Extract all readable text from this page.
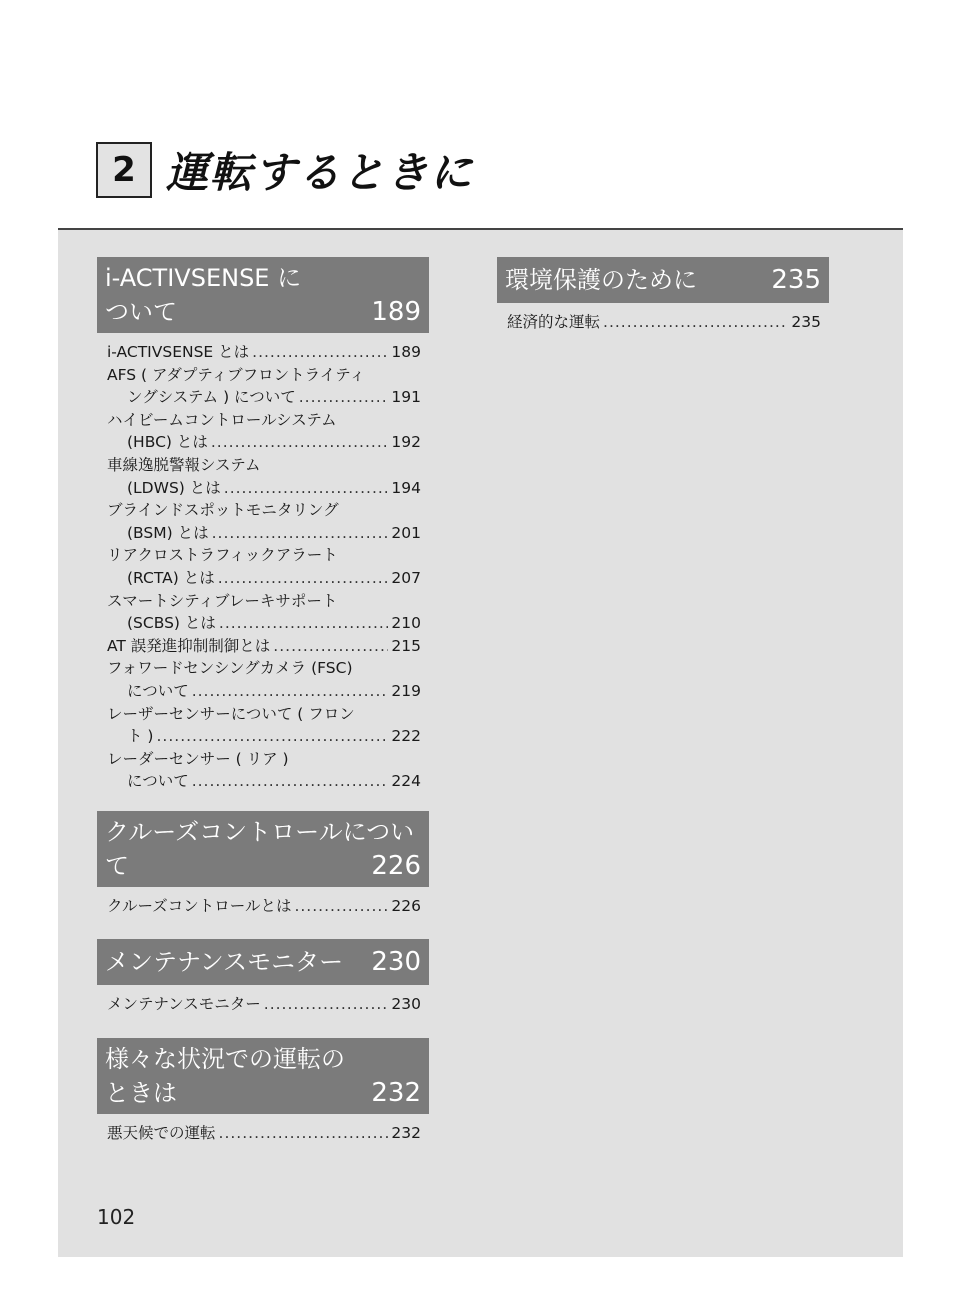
2 運転するときに
i-ACTIVSENSE に
ついて	189
i-ACTIVSENSE とは .....	189
AFS ( アダプティブフロントライティ
ングシステム ) について .....	191
ハイビームコントロールシステム
(HBC) とは .....	192
車線逸脱警報システム
(LDWS) とは .....	194
ブラインドスポットモニタリング
(BSM) とは .....	201
リアクロストラフィックアラート
(RCTA) とは .....	207
スマートシティブレーキサポート
(SCBS) とは .....	210
AT 誤発進抑制制御とは .....	215
フォワードセンシングカメラ (FSC)
について .....	219
レーザーセンサーについて ( フロン
ト ) .....	222
レーダーセンサー ( リア )
について .....	224
クルーズコントロールについ
て	226
クルーズコントロールとは .....	226
メンテナンスモニター 230
メンテナンスモニター .....	230
様々な状況での運転の
ときは	232
悪天候での運転 .....	232
環境保護のために	235
経済的な運転 .....	235
102
